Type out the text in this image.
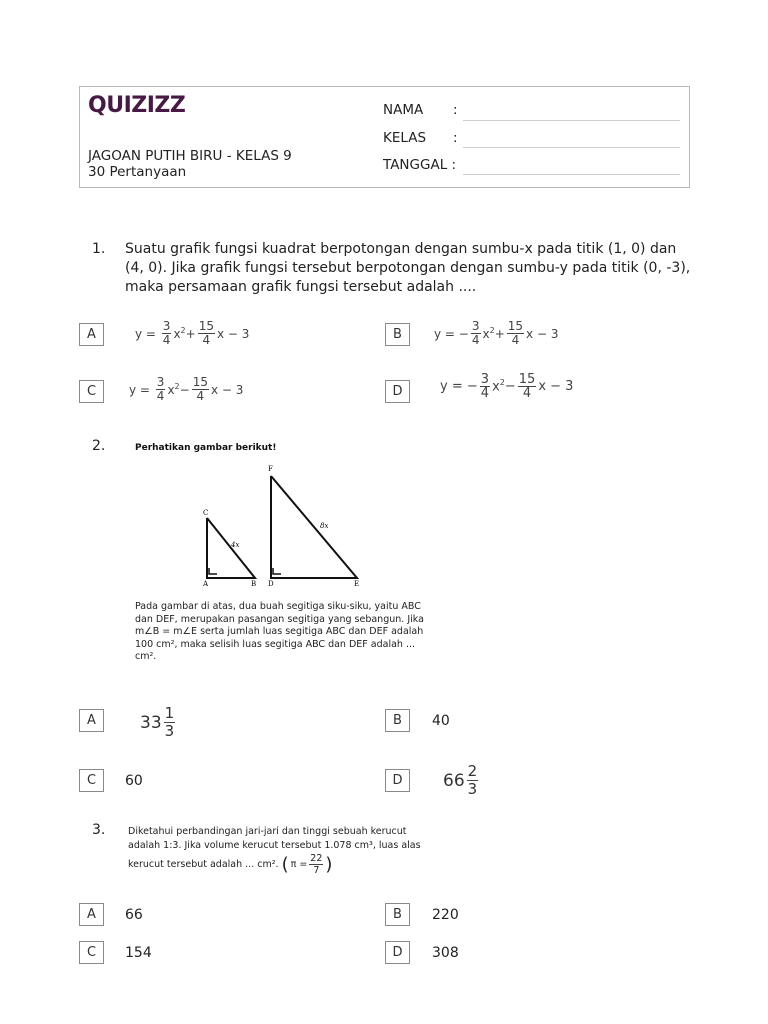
QUIZIZZ
JAGOAN PUTIH BIRU - KELAS 9
30 Pertanyaan
NAMA :
KELAS :
TANGGAL :
1. Suatu grafik fungsi kuadrat berpotongan dengan sumbu-x pada titik (1, 0) dan (4, 0). Jika grafik fungsi tersebut berpotongan dengan sumbu-y pada titik (0, -3), maka persamaan grafik fungsi tersebut adalah ....
A	$y = \frac{3}{4} x^2 + \frac{15}{4}$ x − 3	B	y = − $\frac{3}{4} x^2 + \frac{15}{4}$ x − 3
C	$y = \frac{3}{4} x^2 - \frac{15}{4}$ x − 3	D	y = − $\frac{3}{4} x^2 - \frac{15}{4}$ x − 3
2.	Perhatikan gambar berikut!
F
C
A	B D	E
4x
8x
Pada gambar di atas, dua buah segitiga siku-siku, yaitu ABC
dan DEF, merupakan pasangan segitiga yang sebangun. Jika
m∠B = m∠E serta jumlah luas segitiga ABC dan DEF adalah
100 cm², maka selisih luas segitiga ABC dan DEF adalah ...
cm².
A	$33 \frac{1}{3}$	B	40
C	60	D	$66 \frac{2}{3}$
3. Diketahui perbandingan jari-jari dan tinggi sebuah kerucut
adalah 1:3. Jika volume kerucut tersebut 1.078 cm³, luas alas
kerucut tersebut adalah ... cm². ( $\pi = \frac{22}{7}$ )
A	66	B	220
C	154	D	308
